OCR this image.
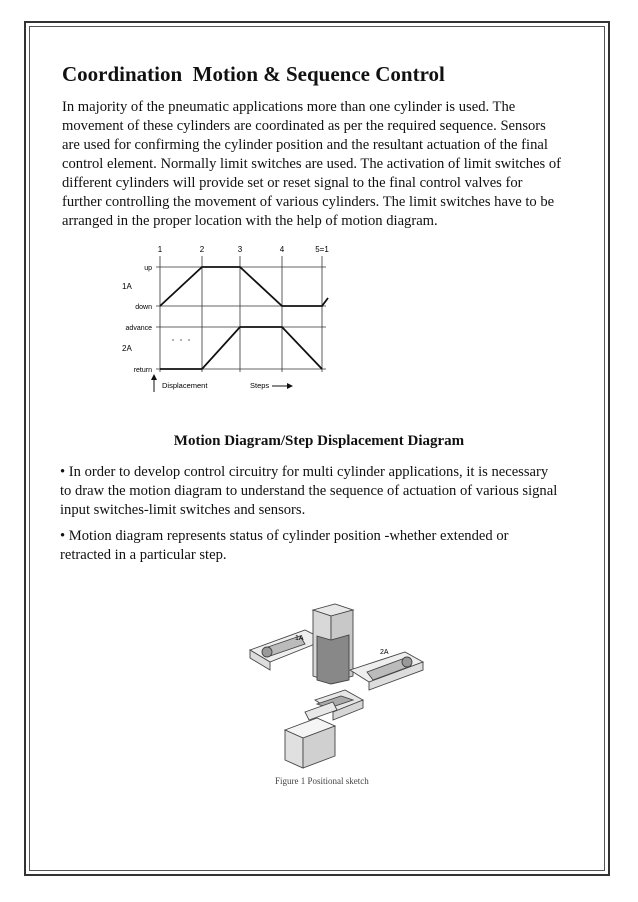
Coordination  Motion & Sequence Control
In majority of the pneumatic applications more than one cylinder is used. The
movement of these cylinders are coordinated as per the required sequence. Sensors
are used for confirming the cylinder position and the resultant actuation of the final
control element. Normally limit switches are used. The activation of limit switches of
different cylinders will provide set or reset signal to the final control valves for
further controlling the movement of various cylinders. The limit switches have to be
arranged in the proper location with the help of motion diagram.
1	2	3	4	5=1
up
1A
down
advance
2A
return
Displacement	Steps

Motion Diagram/Step Displacement Diagram

• In order to develop control circuitry for multi cylinder applications, it is necessary
to draw the motion diagram to understand the sequence of actuation of various signal
input switches-limit switches and sensors.
• Motion diagram represents status of cylinder position -whether extended or
retracted in a particular step.
1A
2A
Figure 1 Positional sketch
